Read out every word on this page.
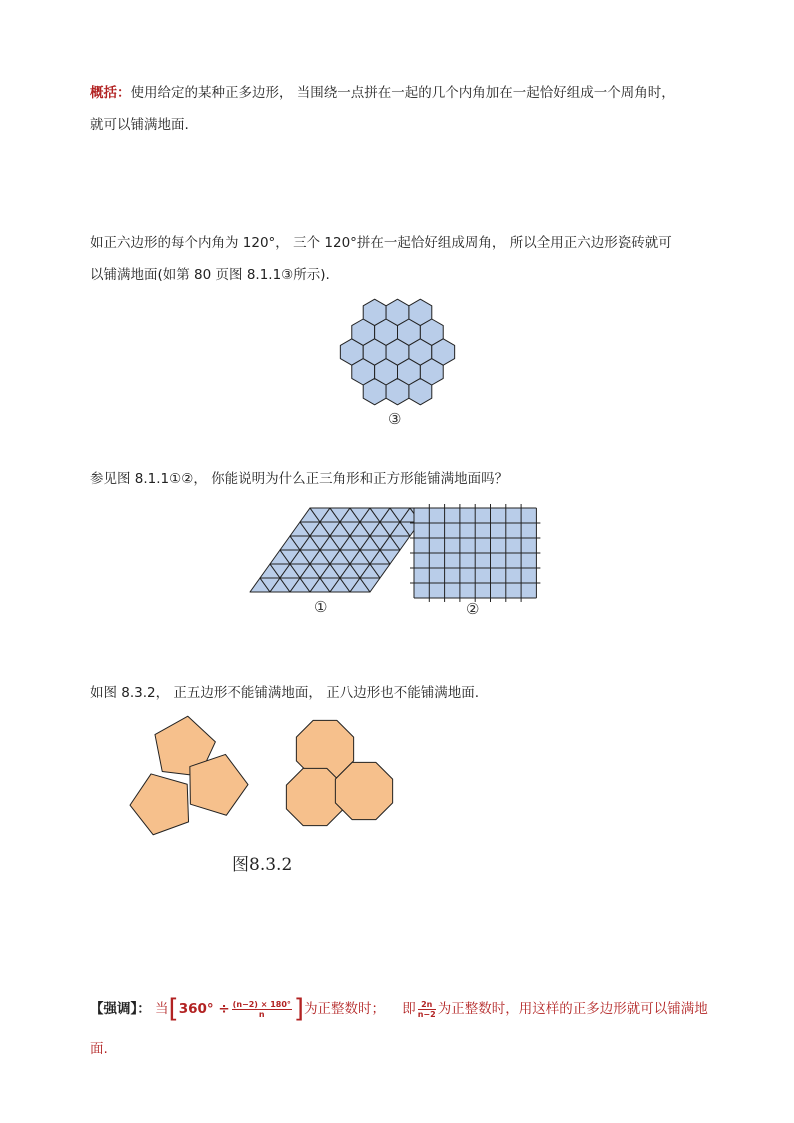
概括：使用给定的某种正多边形， 当围绕一点拼在一起的几个内角加在一起恰好组成一个周角时，
就可以铺满地面.
如正六边形的每个内角为 120°， 三个 120°拼在一起恰好组成周角， 所以全用正六边形瓷砖就可
以铺满地面(如第 80 页图 8.1.1③所示).
③
参见图 8.1.1①②， 你能说明为什么正三角形和正方形能铺满地面吗？
①	②
如图 8.3.2， 正五边形不能铺满地面， 正八边形也不能铺满地面.
图8.3.2
【强调】： 当[$360^\circ \div \frac{(n-2) \times 180^\circ}{n}$ ]为正整数时； 即 $\frac{2n}{n-2}$ 为正整数时，用这样的正多边形就可以铺满地
面.
